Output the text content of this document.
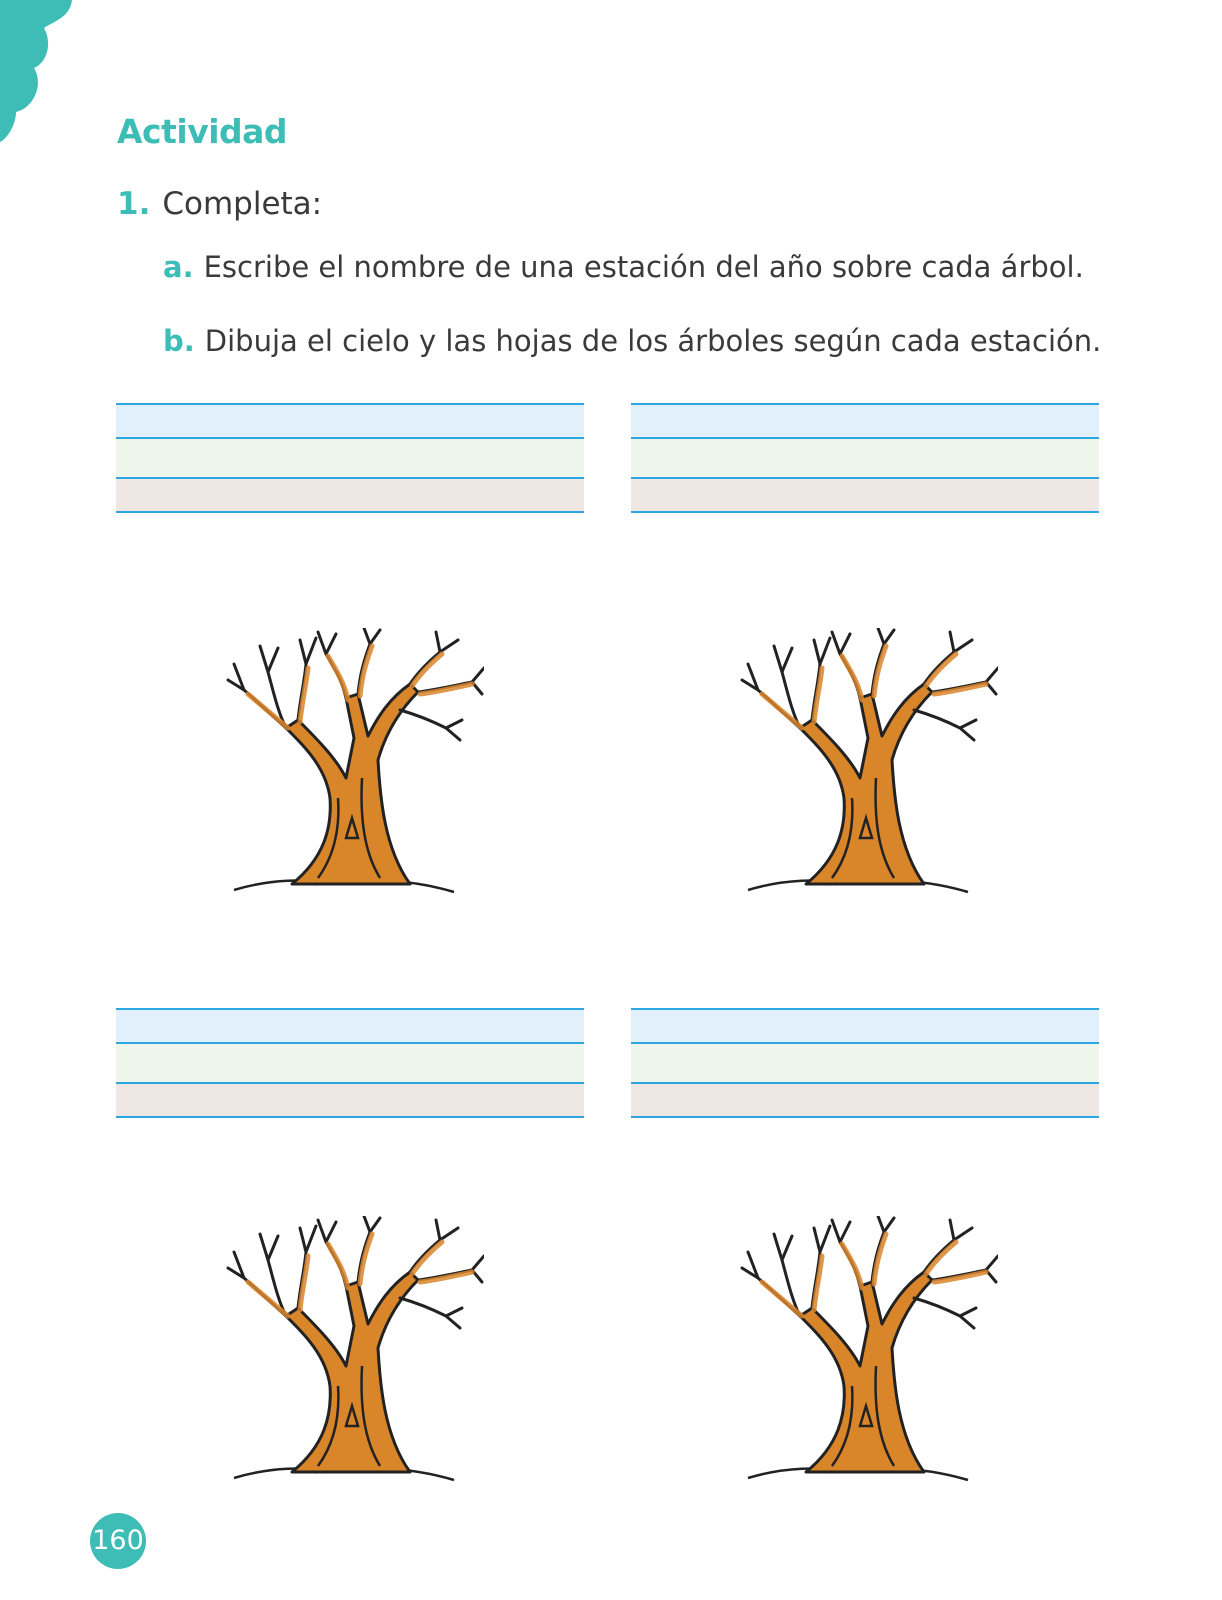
Actividad
1. Completa:
a. Escribe el nombre de una estación del año sobre cada árbol.
b. Dibuja el cielo y las hojas de los árboles según cada estación.
160
